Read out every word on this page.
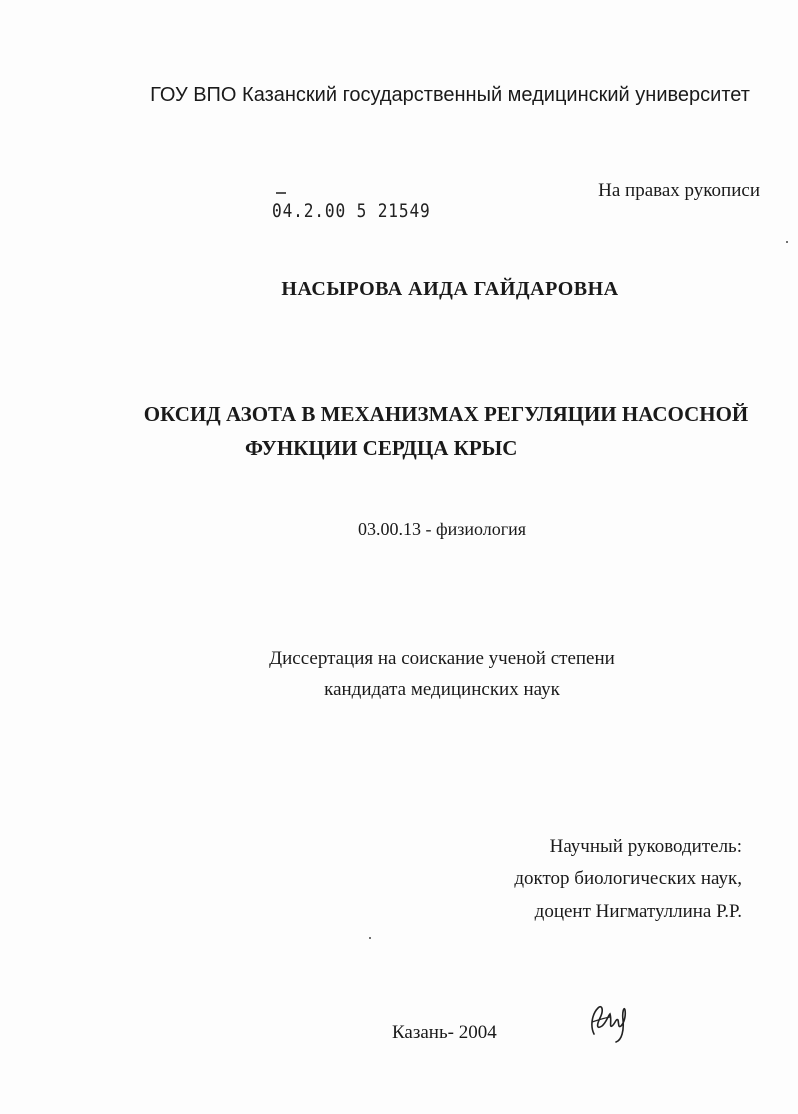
ГОУ ВПО Казанский государственный медицинский университет
На правах рукописи
04.2.00 5 21549
НАСЫРОВА АИДА ГАЙДАРОВНА
ОКСИД АЗОТА В МЕХАНИЗМАХ РЕГУЛЯЦИИ НАСОСНОЙ
ФУНКЦИИ СЕРДЦА КРЫС
03.00.13 - физиология
Диссертация на соискание ученой степени
кандидата медицинских наук
Научный руководитель:
доктор биологических наук,
доцент Нигматуллина Р.Р.
Казань- 2004
